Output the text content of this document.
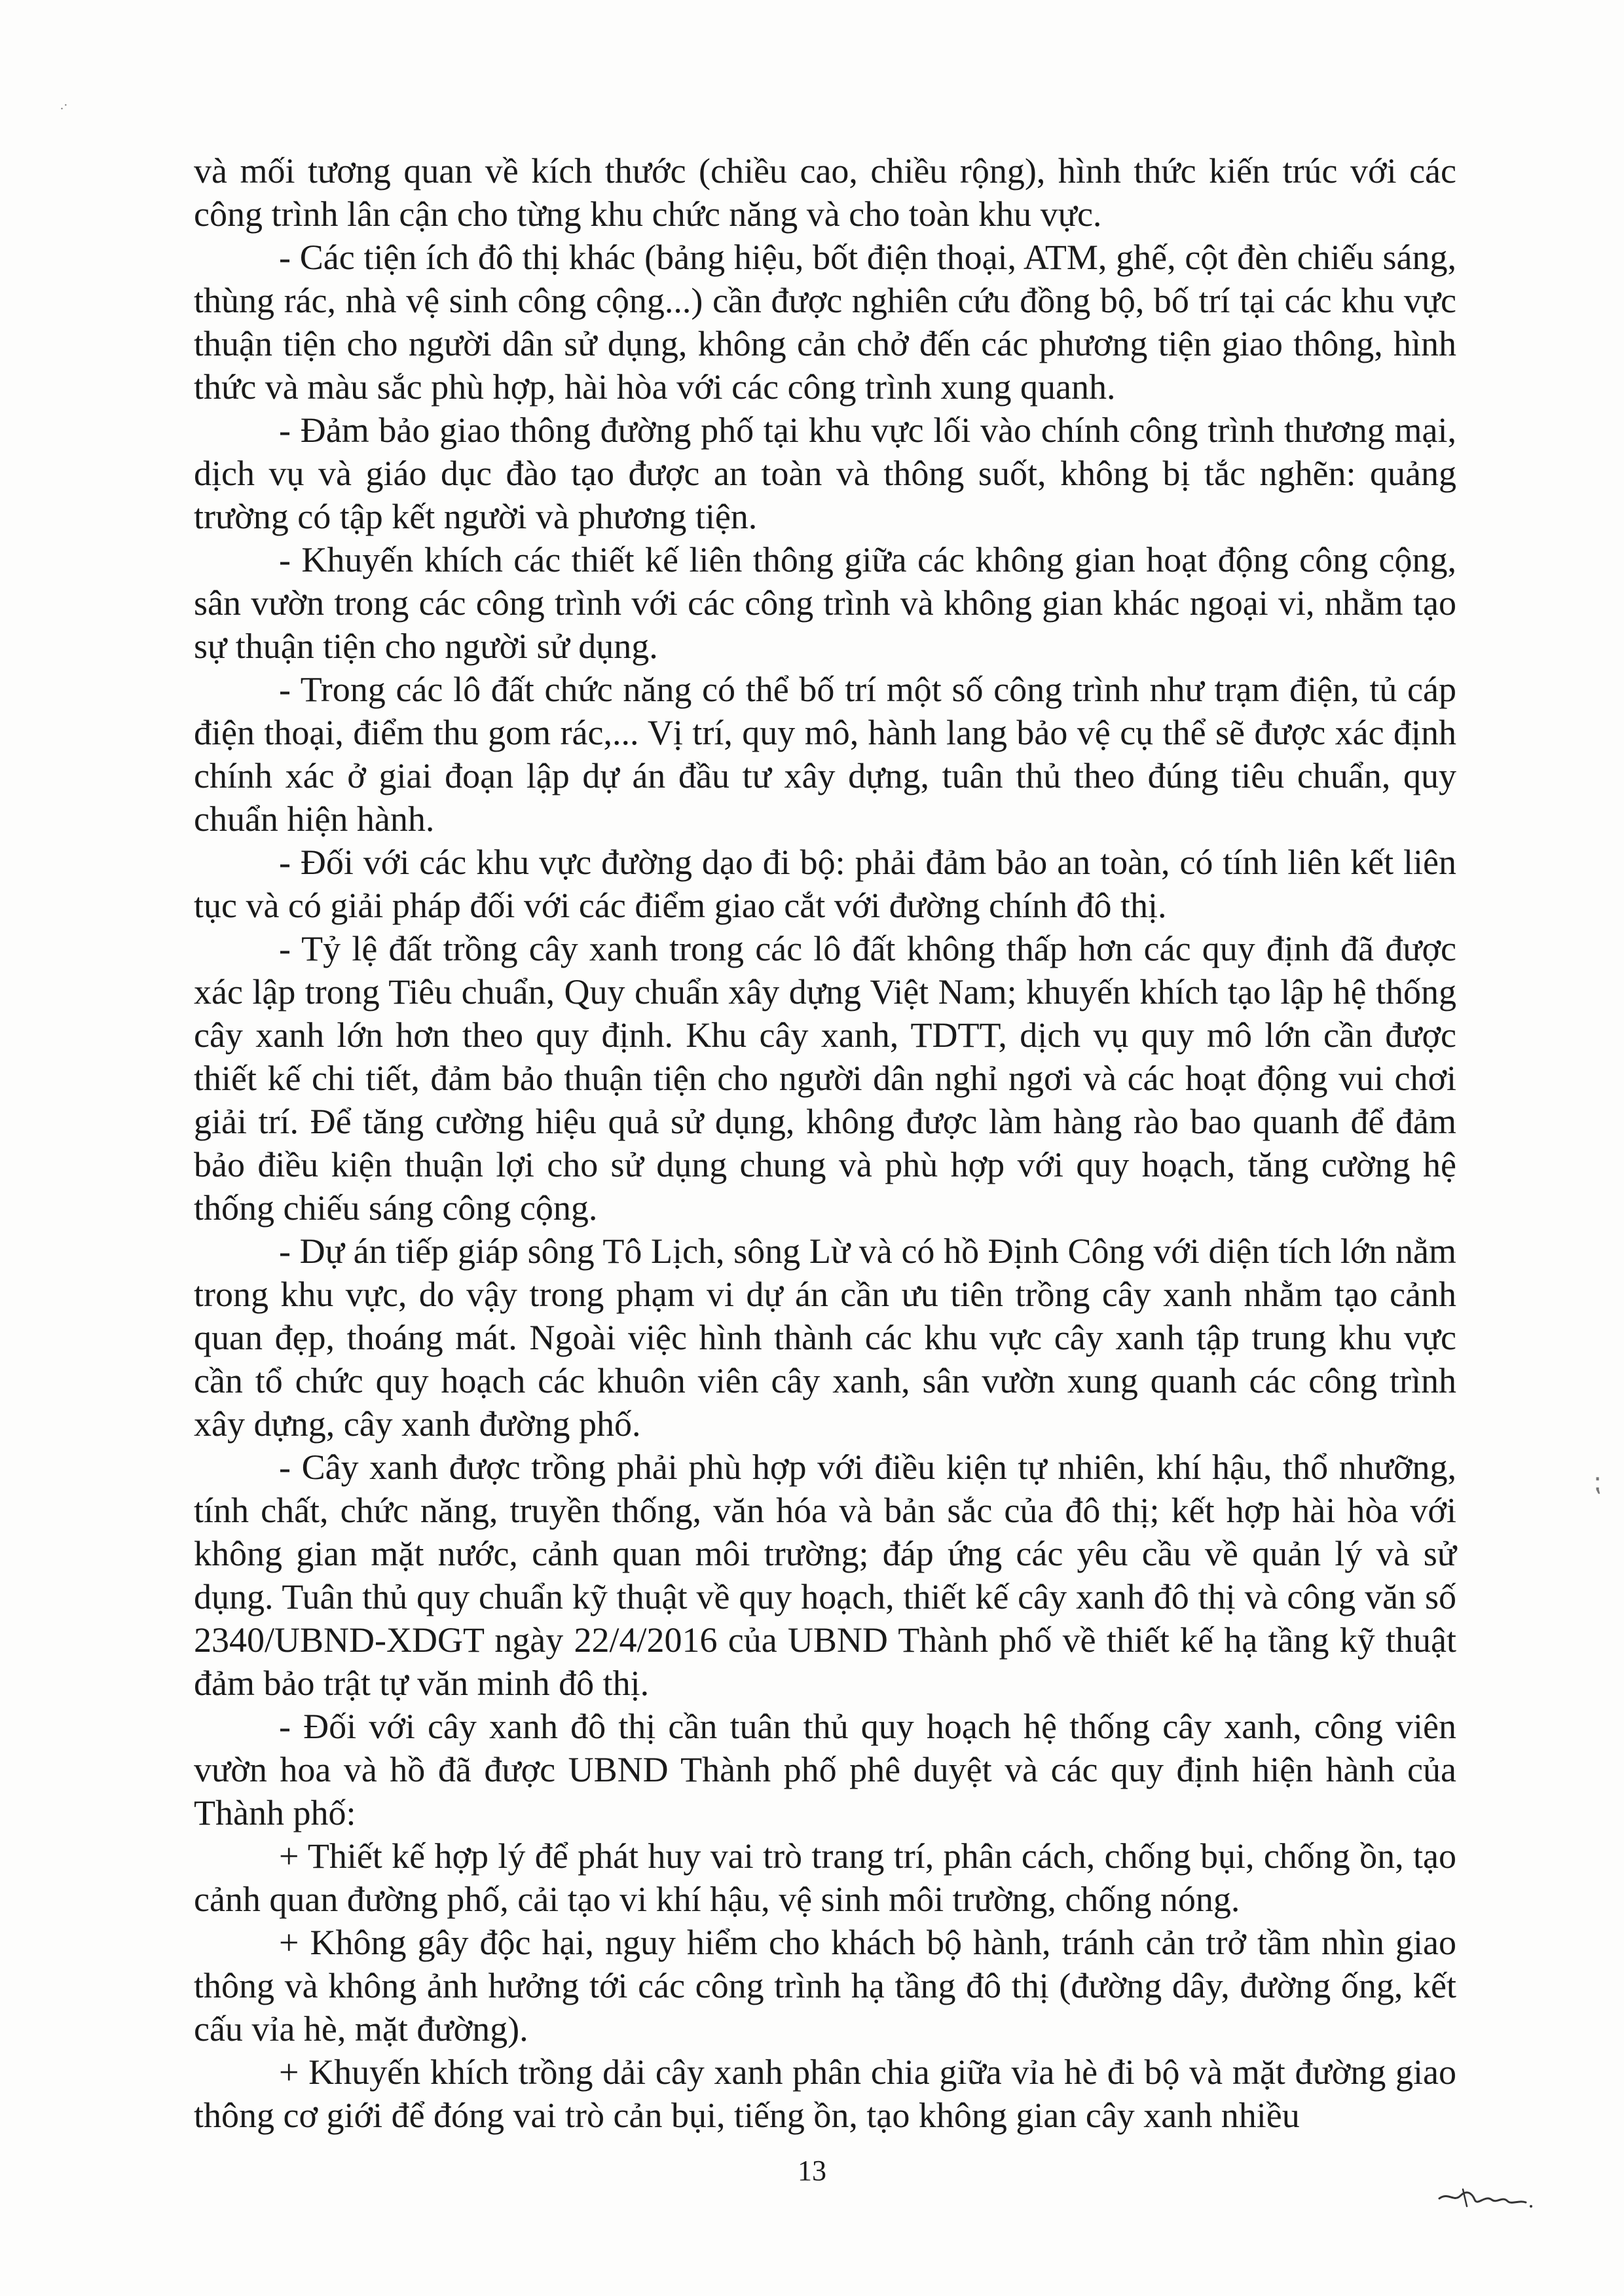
.·
⁏

và mối tương quan về kích thước (chiều cao, chiều rộng), hình thức kiến trúc với các công trình lân cận cho từng khu chức năng và cho toàn khu vực.

- Các tiện ích đô thị khác (bảng hiệu, bốt điện thoại, ATM, ghế, cột đèn chiếu sáng, thùng rác, nhà vệ sinh công cộng...) cần được nghiên cứu đồng bộ, bố trí tại các khu vực thuận tiện cho người dân sử dụng, không cản chở đến các phương tiện giao thông, hình thức và màu sắc phù hợp, hài hòa với các công trình xung quanh.

- Đảm bảo giao thông đường phố tại khu vực lối vào chính công trình thương mại, dịch vụ và giáo dục đào tạo được an toàn và thông suốt, không bị tắc nghẽn: quảng trường có tập kết người và phương tiện.

- Khuyến khích các thiết kế liên thông giữa các không gian hoạt động công cộng, sân vườn trong các công trình với các công trình và không gian khác ngoại vi, nhằm tạo sự thuận tiện cho người sử dụng.

- Trong các lô đất chức năng có thể bố trí một số công trình như trạm điện, tủ cáp điện thoại, điểm thu gom rác,... Vị trí, quy mô, hành lang bảo vệ cụ thể sẽ được xác định chính xác ở giai đoạn lập dự án đầu tư xây dựng, tuân thủ theo đúng tiêu chuẩn, quy chuẩn hiện hành.

- Đối với các khu vực đường dạo đi bộ: phải đảm bảo an toàn, có tính liên kết liên tục và có giải pháp đối với các điểm giao cắt với đường chính đô thị.

- Tỷ lệ đất trồng cây xanh trong các lô đất không thấp hơn các quy định đã được xác lập trong Tiêu chuẩn, Quy chuẩn xây dựng Việt Nam; khuyến khích tạo lập hệ thống cây xanh lớn hơn theo quy định. Khu cây xanh, TDTT, dịch vụ quy mô lớn cần được thiết kế chi tiết, đảm bảo thuận tiện cho người dân nghỉ ngơi và các hoạt động vui chơi giải trí. Để tăng cường hiệu quả sử dụng, không được làm hàng rào bao quanh để đảm bảo điều kiện thuận lợi cho sử dụng chung và phù hợp với quy hoạch, tăng cường hệ thống chiếu sáng công cộng.

- Dự án tiếp giáp sông Tô Lịch, sông Lừ và có hồ Định Công với diện tích lớn nằm trong khu vực, do vậy trong phạm vi dự án cần ưu tiên trồng cây xanh nhằm tạo cảnh quan đẹp, thoáng mát. Ngoài việc hình thành các khu vực cây xanh tập trung khu vực cần tổ chức quy hoạch các khuôn viên cây xanh, sân vườn xung quanh các công trình xây dựng, cây xanh đường phố.

- Cây xanh được trồng phải phù hợp với điều kiện tự nhiên, khí hậu, thổ nhưỡng, tính chất, chức năng, truyền thống, văn hóa và bản sắc của đô thị; kết hợp hài hòa với không gian mặt nước, cảnh quan môi trường; đáp ứng các yêu cầu về quản lý và sử dụng. Tuân thủ quy chuẩn kỹ thuật về quy hoạch, thiết kế cây xanh đô thị và công văn số 2340/UBND-XDGT ngày 22/4/2016 của UBND Thành phố về thiết kế hạ tầng kỹ thuật đảm bảo trật tự văn minh đô thị.

- Đối với cây xanh đô thị cần tuân thủ quy hoạch hệ thống cây xanh, công viên vườn hoa và hồ đã được UBND Thành phố phê duyệt và các quy định hiện hành của Thành phố:

+ Thiết kế hợp lý để phát huy vai trò trang trí, phân cách, chống bụi, chống ồn, tạo cảnh quan đường phố, cải tạo vi khí hậu, vệ sinh môi trường, chống nóng.

+ Không gây độc hại, nguy hiểm cho khách bộ hành, tránh cản trở tầm nhìn giao thông và không ảnh hưởng tới các công trình hạ tầng đô thị (đường dây, đường ống, kết cấu vỉa hè, mặt đường).

+ Khuyến khích trồng dải cây xanh phân chia giữa vỉa hè đi bộ và mặt đường giao thông cơ giới để đóng vai trò cản bụi, tiếng ồn, tạo không gian cây xanh nhiều

13
